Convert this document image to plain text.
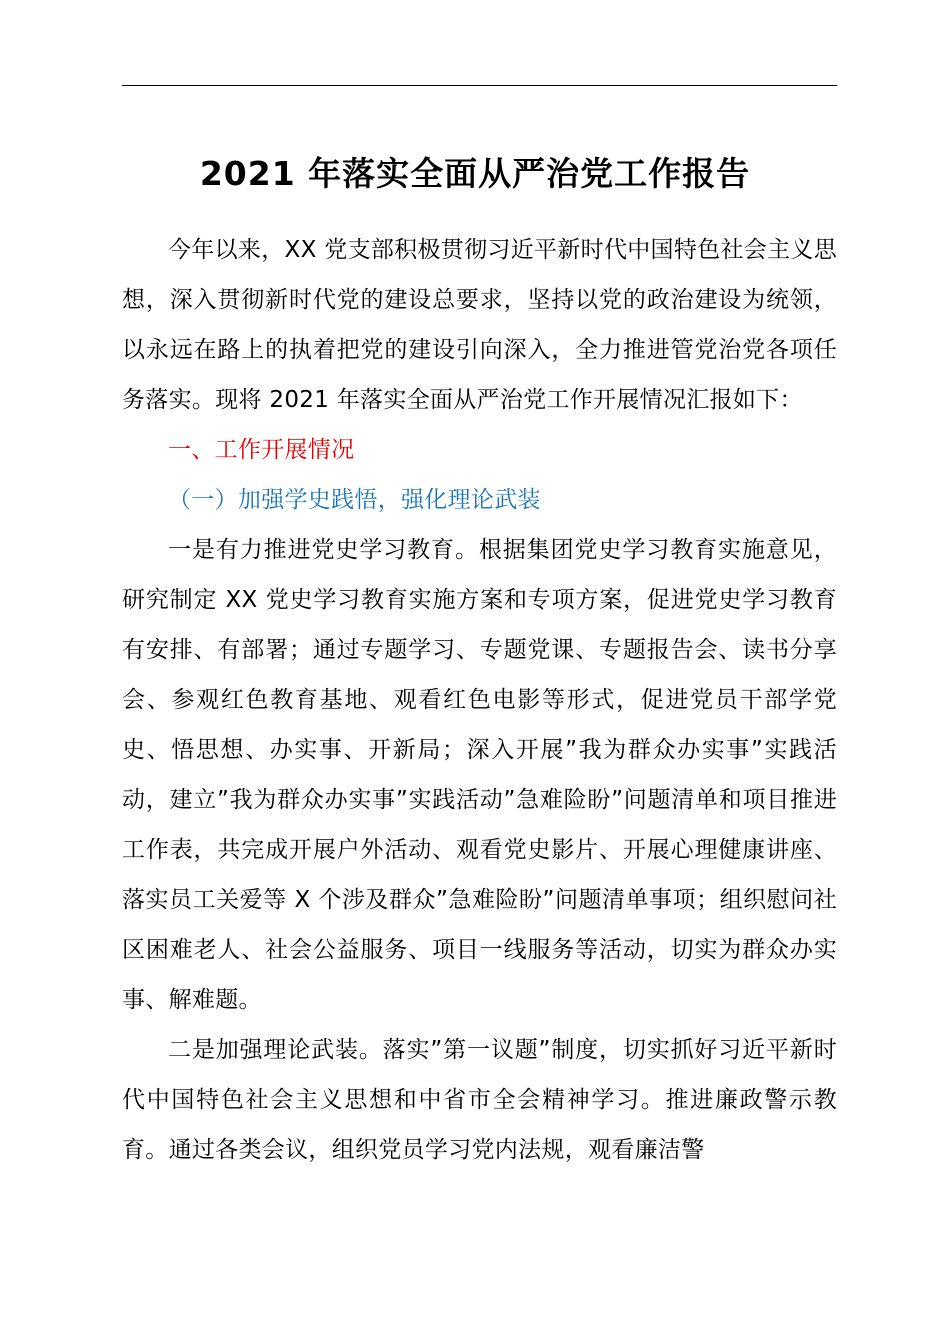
2021 年落实全面从严治党工作报告

今年以来，XX 党支部积极贯彻习近平新时代中国特色社会主义思想，深入贯彻新时代党的建设总要求，坚持以党的政治建设为统领，以永远在路上的执着把党的建设引向深入，全力推进管党治党各项任务落实。现将 2021 年落实全面从严治党工作开展情况汇报如下：

一、工作开展情况

（一）加强学史践悟，强化理论武装

一是有力推进党史学习教育。根据集团党史学习教育实施意见，研究制定 XX 党史学习教育实施方案和专项方案，促进党史学习教育有安排、有部署；通过专题学习、专题党课、专题报告会、读书分享会、参观红色教育基地、观看红色电影等形式，促进党员干部学党史、悟思想、办实事、开新局；深入开展”我为群众办实事”实践活动，建立”我为群众办实事”实践活动”急难险盼”问题清单和项目推进工作表，共完成开展户外活动、观看党史影片、开展心理健康讲座、落实员工关爱等 X 个涉及群众”急难险盼”问题清单事项；组织慰问社区困难老人、社会公益服务、项目一线服务等活动，切实为群众办实事、解难题。

二是加强理论武装。落实”第一议题”制度，切实抓好习近平新时代中国特色社会主义思想和中省市全会精神学习。推进廉政警示教育。通过各类会议，组织党员学习党内法规，观看廉洁警
